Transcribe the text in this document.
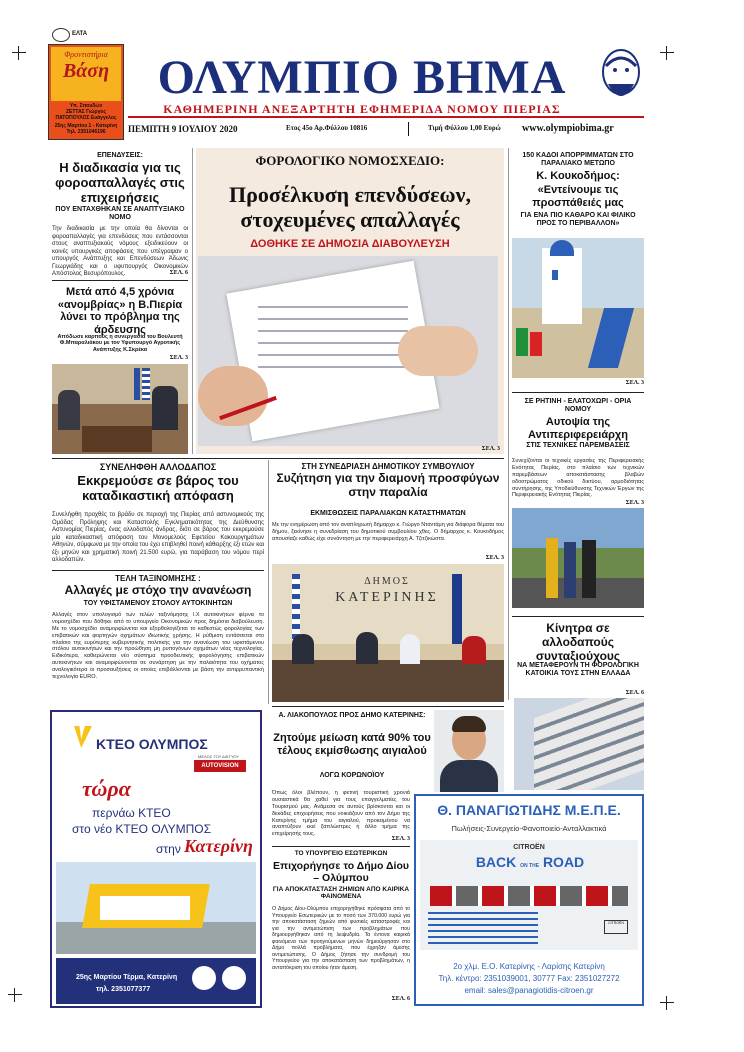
ΕΛΤΑ
Φροντιστήρια
Βάση
Υπ. Σπουδών
ΖΕΤΤΑΣ Γιώργος
ΠΑΤΟΠΟΥΛΟΣ Ευάγγελος
25ης Μαρτίου 1 - Κατερίνη
Τηλ. 2351046196
ΟΛΥΜΠΙΟ ΒΗΜΑ
ΚΑΘΗΜΕΡΙΝΗ ΑΝΕΞΑΡΤΗΤΗ ΕΦΗΜΕΡΙΔΑ ΝΟΜΟΥ ΠΙΕΡΙΑΣ
ΠΕΜΠΤΗ 9 ΙΟΥΛΙΟΥ 2020	Ετος 45ο Αρ.Φύλλου 10816	Τιμή Φύλλου 1,00 Ευρώ www.olympiobima.gr
ΕΠΕΝΔΥΣΕΙΣ:
Η διαδικασία για τις φοροαπαλλαγές στις επιχειρήσεις
ΠΟΥ ΕΝΤΑΧΘΗΚΑΝ ΣΕ ΑΝΑΠΤΥΞΙΑΚΟ ΝΟΜΟ
Την διαδικασία με την οποία θα δίνονται οι φοροαπαλλαγές για επενδύσεις που εντάσσονται στους αναπτυξιακούς νόμους εξειδικεύουν οι κοινές υπουργικές αποφάσεις που υπέγραψαν ο υπουργός Ανάπτυξης και Επενδύσεων Άδωνις Γεωργιάδης και ο υφυπουργός Οικονομικών Απόστολος Βεσυρόπουλος.	ΣΕΛ. 6
Μετά από 4,5 χρόνια «ανομβρίας» η Β.Πιερία λύνει το πρόβλημα της άρδευσης
Απόδωσε καρπούς η συνεργασία του Βουλευτή Φ.Μπαραλιάκου με τον Υφυπουργό Αγροτικής Ανάπτυξης Κ.Σκρέκα
ΣΕΛ. 3
ΦΟΡΟΛΟΓΙΚΟ ΝΟΜΟΣΧΕΔΙΟ:
Προσέλκυση επενδύσεων, στοχευμένες απαλλαγές
ΔΟΘΗΚΕ ΣΕ ΔΗΜΟΣΙΑ ΔΙΑΒΟΥΛΕΥΣΗ
ΣΕΛ. 3
150 ΚΑΔΟΙ ΑΠΟΡΡΙΜΜΑΤΩΝ ΣΤΟ ΠΑΡΑΛΙΑΚΟ ΜΕΤΩΠΟ
Κ. Κουκοδήμος:
«Εντείνουμε τις προσπάθειές μας
ΓΙΑ ΕΝΑ ΠΙΟ ΚΑΘΑΡΟ ΚΑΙ ΦΙΛΙΚΟ ΠΡΟΣ ΤΟ ΠΕΡΙΒΑΛΛΟΝ»
ΣΕΛ. 3
ΣΕ ΡΗΤΙΝΗ - ΕΛΑΤΟΧΩΡΙ - ΟΡΙΑ ΝΟΜΟΥ
Αυτοψία της Αντιπεριφερειάρχη
ΣΤΙΣ ΤΕΧΝΙΚΕΣ ΠΑΡΕΜΒΑΣΕΙΣ
Συνεχίζονται οι τεχνικές εργασίες της Περιφερειακής Ενότητας Πιερίας, στο πλαίσιο των τεχνικών παρεμβάσεων αποκατάστασης βλαβών οδοστρώματος οδικού δικτύου, αρμοδιότητας συντήρησης, της Υποδιεύθυνσης Τεχνικών Έργων της Περιφερειακής Ενότητας Πιερίας.
ΣΕΛ. 3
Κίνητρα σε αλλοδαπούς συνταξιούχους
ΝΑ ΜΕΤΑΦΕΡΟΥΝ ΤΗ ΦΟΡΟΛΟΓΙΚΗ ΚΑΤΟΙΚΙΑ ΤΟΥΣ ΣΤΗΝ ΕΛΛΑΔΑ
ΣΕΛ. 6
ΣΥΝΕΛΗΦΘΗ ΑΛΛΟΔΑΠΟΣ
Εκκρεμούσε σε βάρος του καταδικαστική απόφαση
Συνελήφθη προχθές το βράδυ σε περιοχή της Πιερίας από αστυνομικούς της Ομάδας Πρόληψης και Καταστολής Εγκληματικότητας της Διεύθυνσης Αστυνομίας Πιερίας, ένας αλλοδαπός άνδρας, διότι σε βάρος του εκκρεμούσε μία καταδικαστική απόφαση του Μονομελούς Εφετείου Κακουργημάτων Αθηνών, σύμφωνα με την οποία του έχει επιβληθεί ποινή κάθειρξης έξι ετών και έξι μηνών και χρηματική ποινή 21.500 ευρώ, για παράβαση του νόμου περί αλλοδαπών.
ΤΕΛΗ ΤΑΞΙΝΟΜΗΣΗΣ :
Αλλαγές με στόχο την ανανέωση
ΤΟΥ ΥΦΙΣΤΑΜΕΝΟΥ ΣΤΟΛΟΥ ΑΥΤΟΚΙΝΗΤΩΝ
Αλλαγές στον υπολογισμό των τελών ταξινόμησης Ι.Χ αυτοκινήτων φέρνει το νομοσχέδιο που δόθηκε από το υπουργείο Οικονομικών προς δημόσια διαβούλευση. Με το νομοσχέδιο αναμορφώνεται και εξορθολογίζεται το καθεστώς φορολογίας των επιβατικών και φορτηγών οχημάτων ιδιωτικής χρήσης. Η ρύθμιση εντάσσεται στο πλαίσιο της ευρύτερης κυβερνητικής πολιτικής για την ανανέωση του υφιστάμενου στόλου αυτοκινήτων και την προώθηση μη ρυπογόνων οχημάτων νέας τεχνολογίας. Ειδικότερα, καθιερώνεται νέο σύστημα προοδευτικής φορολόγησης επιβατικών αυτοκινήτων και αναμορφώνονται σε συνάρτηση με την παλαιότητα του οχήματος αναλογικότερα οι προσαυξήσεις οι οποίες επιβάλλονται με βάση την αντιρρυπαντική τεχνολογία EURO.
ΣΤΗ ΣΥΝΕΔΡΙΑΣΗ ΔΗΜΟΤΙΚΟΥ ΣΥΜΒΟΥΛΙΟΥ
Συζήτηση για την διαμονή προσφύγων στην παραλία
ΕΚΜΙΣΘΩΣΕΙΣ ΠΑΡΑΛΙΑΚΩΝ ΚΑΤΑΣΤΗΜΑΤΩΝ
Με την ενημέρωση από τον αναπληρωτή δήμαρχο κ. Γιώργο Νταντάμη για διάφορα θέματα του δήμου, ξεκίνησε η συνεδρίαση του δημοτικού συμβουλίου χθες. Ο δήμαρχος κ. Κουκοδήμος απουσίαζε καθώς είχε συνάντηση με την περιφερειάρχη Α. Τζιτζικώστα.
ΣΕΛ. 3
ΔΗΜΟΣ
ΚΑΤΕΡΙΝΗΣ
ΚΤΕΟ ΟΛΥΜΠΟΣ
ΜΕΛΟΣ ΤΟΥ ΔΙΚΤΥΟΥ
AUTOVISION
τώρα
περνάω ΚΤΕΟ
στο νέο ΚΤΕΟ ΟΛΥΜΠΟΣ
στην Κατερίνη
25ης Μαρτίου Τέρμα, Κατερίνη
τηλ. 2351077377
Α. ΛΙΑΚΟΠΟΥΛΟΣ ΠΡΟΣ ΔΗΜΟ ΚΑΤΕΡΙΝΗΣ:
Ζητούμε μείωση κατά 90% του τέλους εκμίσθωσης αιγιαλού
ΛΟΓΩ ΚΟΡΩΝΟΪΟΥ
Όπως όλοι βλέπουν, η φετινή τουριστική χρονιά ουσιαστικά θα χαθεί για τους επαγγελματίες του Τουρισμού μας. Ανάμεσα σε αυτούς βρίσκονται και οι δεκάδες επιχειρήσεις που νοικιάζουν από τον Δήμο της Κατερίνης τμήμα του αιγιαλού, προκειμένου να αναπτύξουν εκεί ξαπλώστρες ή άλλο τμήμα της επιχείρησής τους.
ΣΕΛ. 3
ΤΟ ΥΠΟΥΡΓΕΙΟ ΕΣΩΤΕΡΙΚΩΝ
Επιχορήγησε το Δήμο Δίου – Ολύμπου
ΓΙΑ ΑΠΟΚΑΤΑΣΤΑΣΗ ΖΗΜΙΩΝ ΑΠΟ ΚΑΙΡΙΚΑ ΦΑΙΝΟΜΕΝΑ
Ο Δήμος Δίου-Ολύμπου επιχορηγήθηκε πρόσφατα από το Υπουργείο Εσωτερικών με το ποσό των 370.000 ευρώ για την αποκατάσταση ζημιών από φυσικές καταστροφές και για την αντιμετώπιση των προβλημάτων που δημιουργήθηκαν από τη λειψυδρία. Τα έντονα καιρικά φαινόμενα των προηγούμενων μηνών δημιούργησαν στο Δήμο πολλά προβλήματα, που έχρηζαν άμεσης αντιμετώπισης. Ο Δήμος ζήτησε την συνδρομή του Υπουργείου για την αποκατάσταση των προβλημάτων, η ανταπόκριση του οποίου ήταν άμεση.
ΣΕΛ. 6
Θ. ΠΑΝΑΓΙΩΤΙΔΗΣ Μ.Ε.Π.Ε.
Πωλήσεις-Συνεργείο-Φανοποιείο-Ανταλλακτικά
CITROËN
BACK ON THE ROAD
CITROËN
2ο χλμ. Ε.Ο. Κατερίνης - Λαρίσης Κατερίνη
Τηλ. κέντρο: 2351039001, 30777 Fax: 2351027272
email: sales@panagiotidis-citroen.gr
